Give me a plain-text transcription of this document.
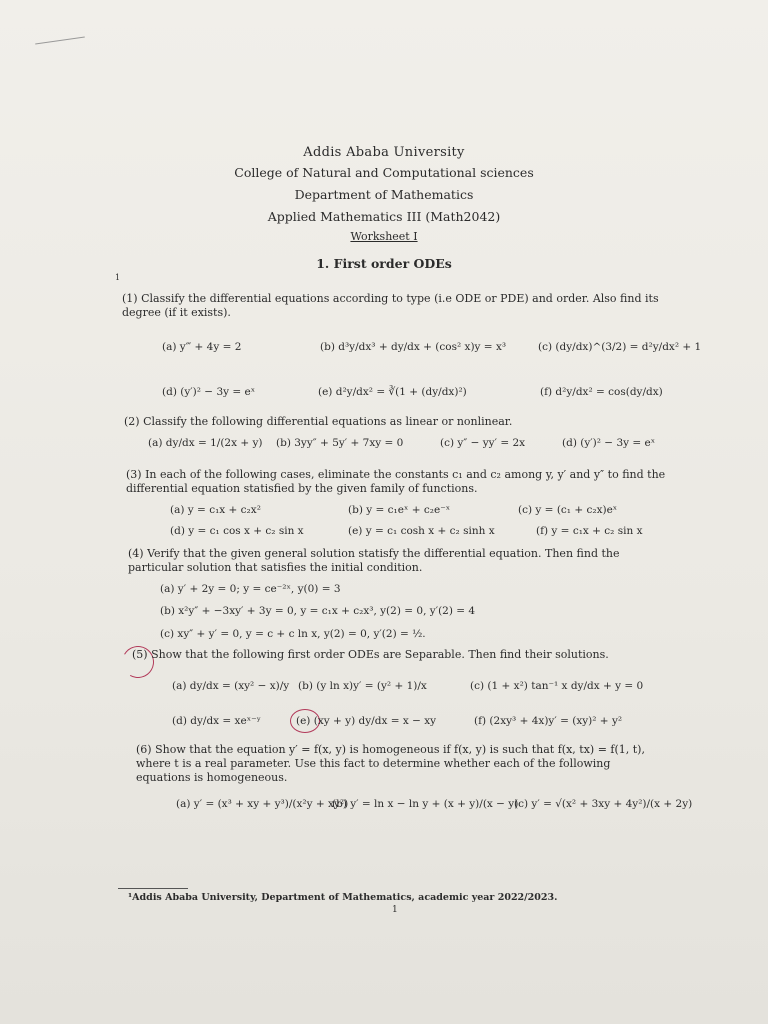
Addis Ababa University
College of Natural and Computational sciences
Department of Mathematics
Applied Mathematics III (Math2042)
Worksheet I
1. First order ODEs
1
(1) Classify the differential equations according to type (i.e ODE or PDE) and order. Also find its degree (if it exists).
(a) y‴ + 4y = 2	(b) d³y/dx³ + dy/dx + (cos² x)y = x³	(c) (dy/dx)^(3/2) = d²y/dx² + 1
(d) (y′)² − 3y = eˣ	(e) d²y/dx² = ∛(1 + (dy/dx)²)	(f) d²y/dx² = cos(dy/dx)
(2) Classify the following differential equations as linear or nonlinear.
(a) dy/dx = 1/(2x + y) (b) 3yy″ + 5y′ + 7xy = 0	(c) y″ − yy′ = 2x	(d) (y′)² − 3y = eˣ
(3) In each of the following cases, eliminate the constants c₁ and c₂ among y, y′ and y″ to find the differential equation statisfied by the given family of functions.
(a) y = c₁x + c₂x²	(b) y = c₁eˣ + c₂e⁻ˣ	(c) y = (c₁ + c₂x)eˣ
(d) y = c₁ cos x + c₂ sin x	(e) y = c₁ cosh x + c₂ sinh x	(f) y = c₁x + c₂ sin x
(4) Verify that the given general solution statisfy the differential equation. Then find the particular solution that satisfies the initial condition.
(a) y′ + 2y = 0; y = ce⁻²ˣ, y(0) = 3
(b) x²y″ + −3xy′ + 3y = 0, y = c₁x + c₂x³, y(2) = 0, y′(2) = 4
(c) xy″ + y′ = 0, y = c + c ln x, y(2) = 0, y′(2) = ½.
(5) Show that the following first order ODEs are Separable. Then find their solutions.
(a) dy/dx = (xy² − x)/y (b) (y ln x)y′ = (y² + 1)/x	(c) (1 + x²) tan⁻¹ x dy/dx + y = 0
(d) dy/dx = xeˣ⁻ʸ	(e) (xy + y) dy/dx = x − xy	(f) (2xy³ + 4x)y′ = (xy)² + y²
(6) Show that the equation y′ = f(x, y) is homogeneous if f(x, y) is such that f(x, tx) = f(1, t), where t is a real parameter. Use this fact to determine whether each of the following equations is homogeneous.
(a) y′ = (x³ + xy + y³)/(x²y + xy²)
(b) y′ = ln x − ln y + (x + y)/(x − y)
(c) y′ = √(x² + 3xy + 4y²)/(x + 2y)
¹Addis Ababa University, Department of Mathematics, academic year 2022/2023.
1
